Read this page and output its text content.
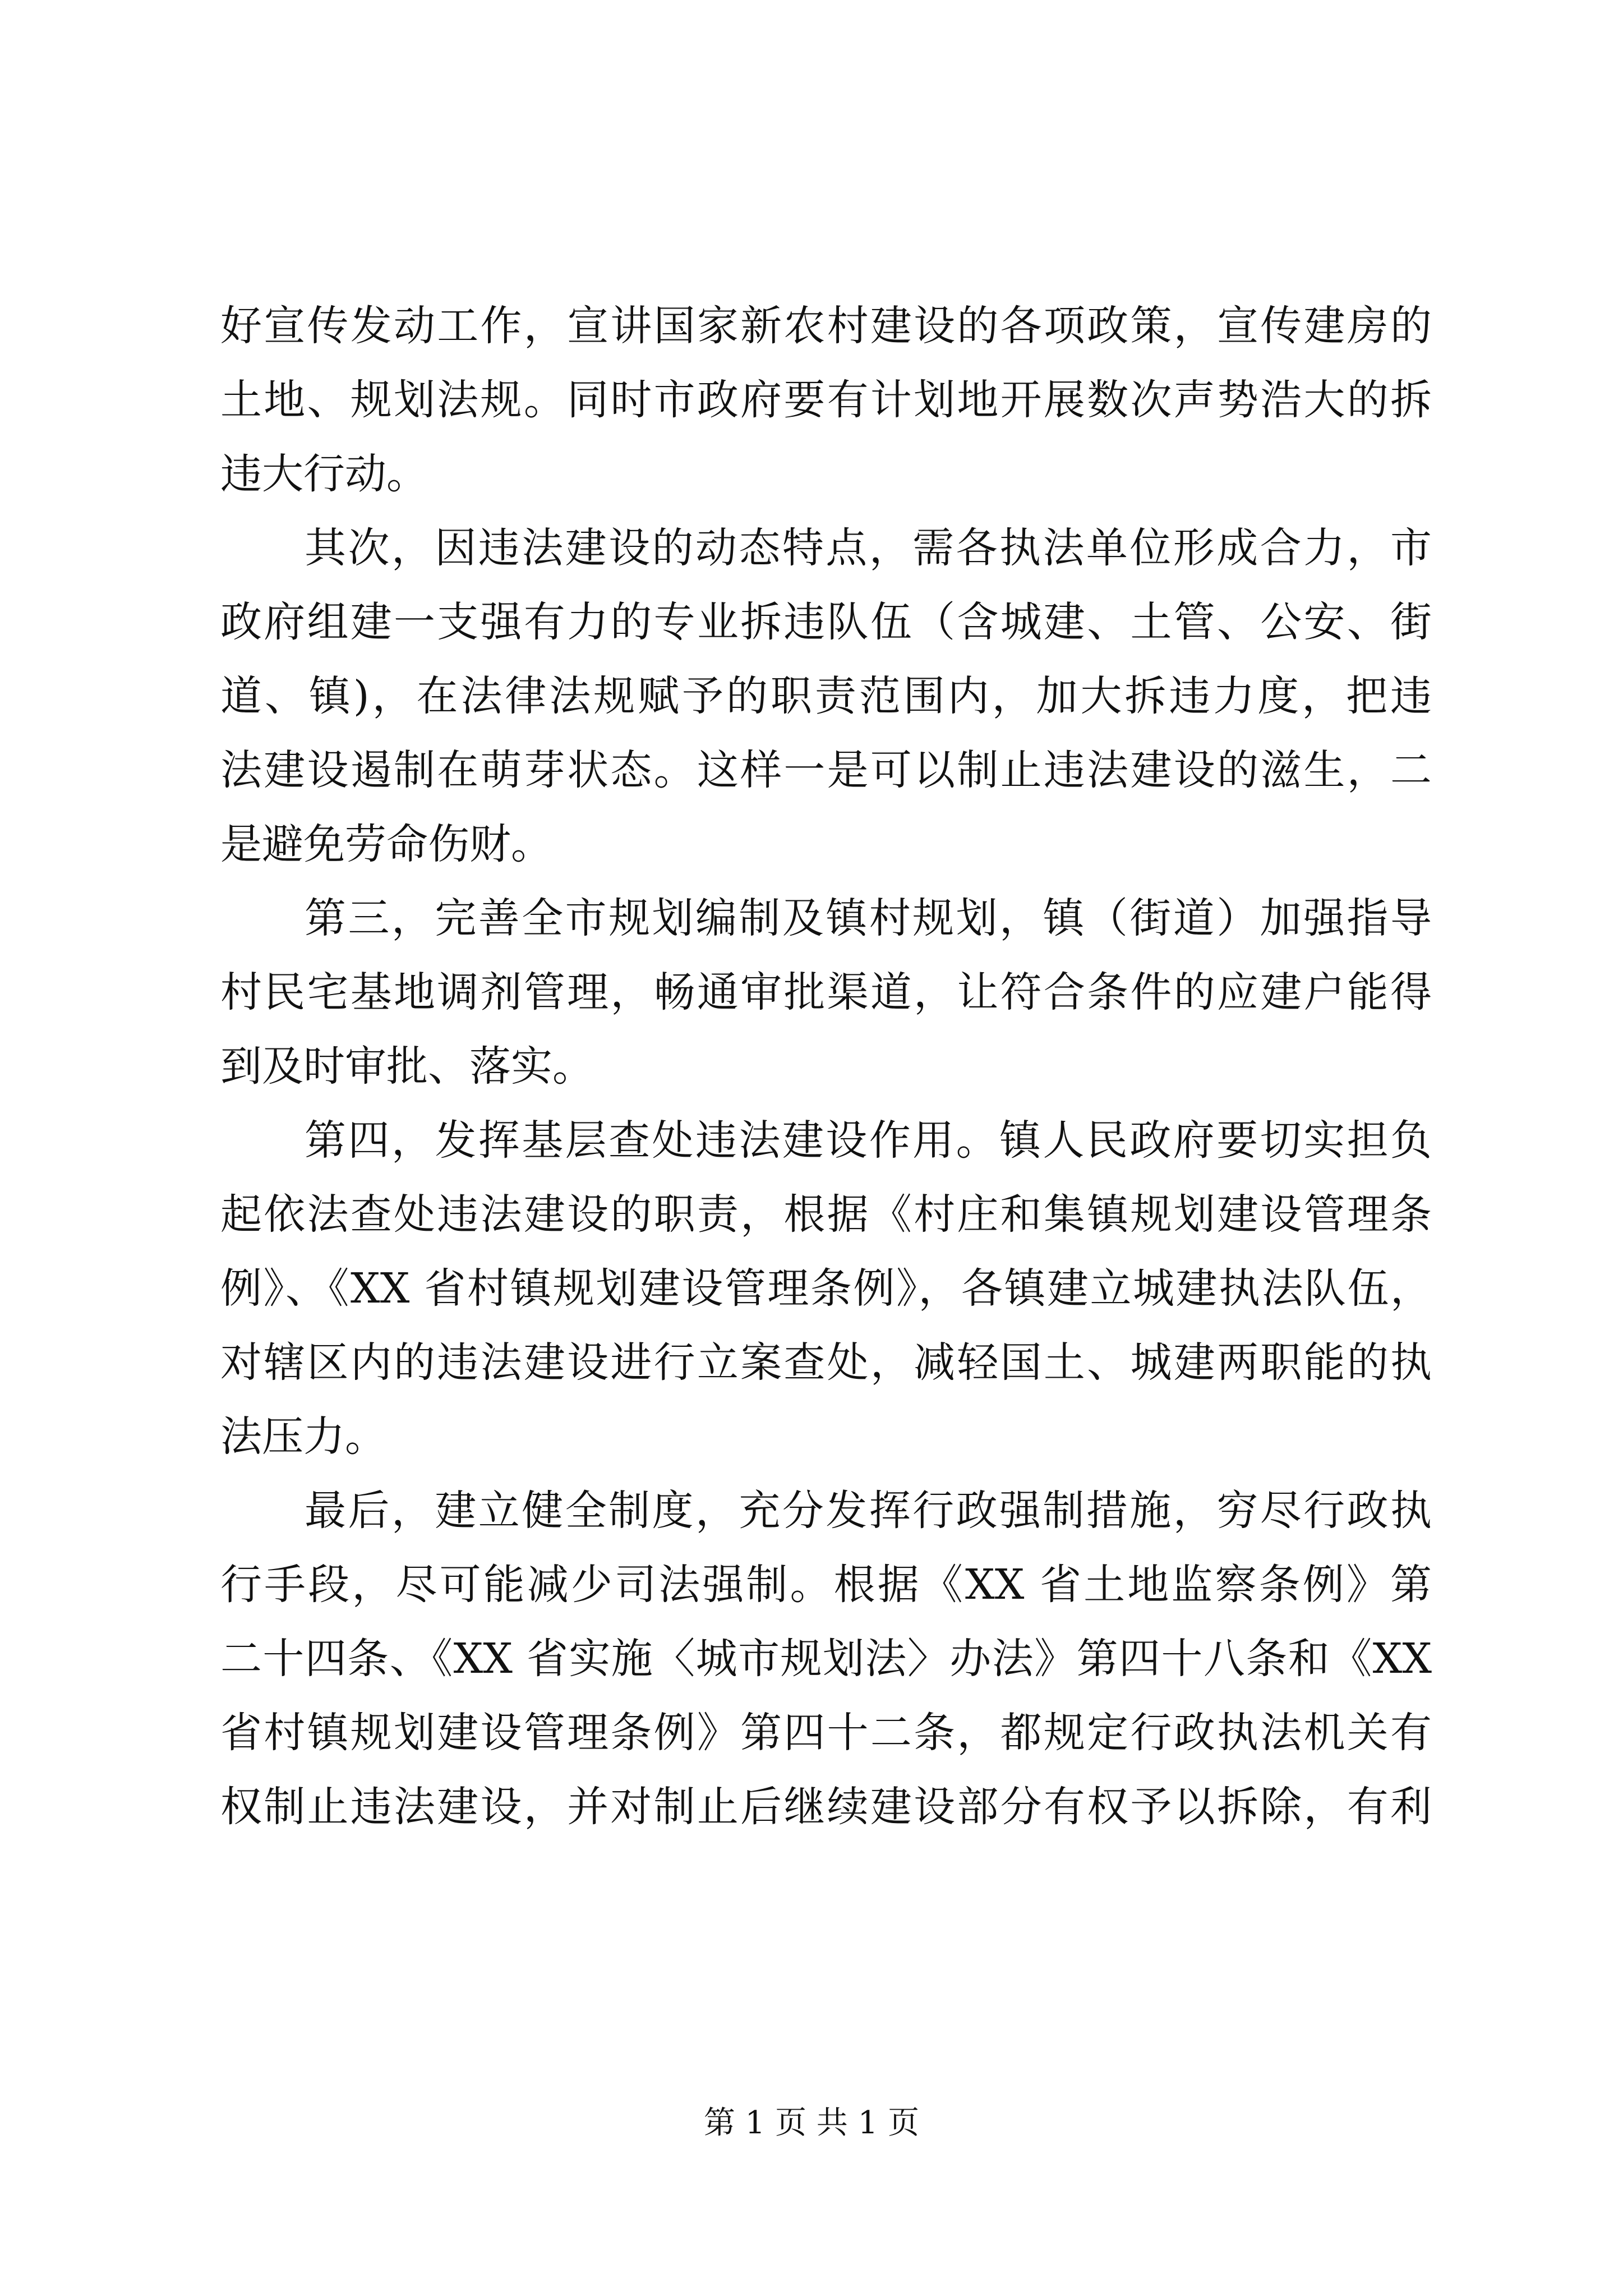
好宣传发动工作，宣讲国家新农村建设的各项政策，宣传建房的
土地、规划法规。同时市政府要有计划地开展数次声势浩大的拆
违大行动。
其次，因违法建设的动态特点，需各执法单位形成合力，市
政府组建一支强有力的专业拆违队伍（含城建、土管、公安、街
道、镇)，在法律法规赋予的职责范围内，加大拆违力度，把违
法建设遏制在萌芽状态。这样一是可以制止违法建设的滋生，二
是避免劳命伤财。
第三，完善全市规划编制及镇村规划，镇（街道）加强指导
村民宅基地调剂管理，畅通审批渠道，让符合条件的应建户能得
到及时审批、落实。
第四，发挥基层查处违法建设作用。镇人民政府要切实担负
起依法查处违法建设的职责，根据《村庄和集镇规划建设管理条
例》、《XX 省村镇规划建设管理条例》，各镇建立城建执法队伍，
对辖区内的违法建设进行立案查处，减轻国土、城建两职能的执
法压力。
最后，建立健全制度，充分发挥行政强制措施，穷尽行政执
行手段，尽可能减少司法强制。根据《XX 省土地监察条例》第
二十四条、《XX 省实施〈城市规划法〉办法》第四十八条和《XX
省村镇规划建设管理条例》第四十二条，都规定行政执法机关有
权制止违法建设，并对制止后继续建设部分有权予以拆除，有利
第 1 页 共 1 页
